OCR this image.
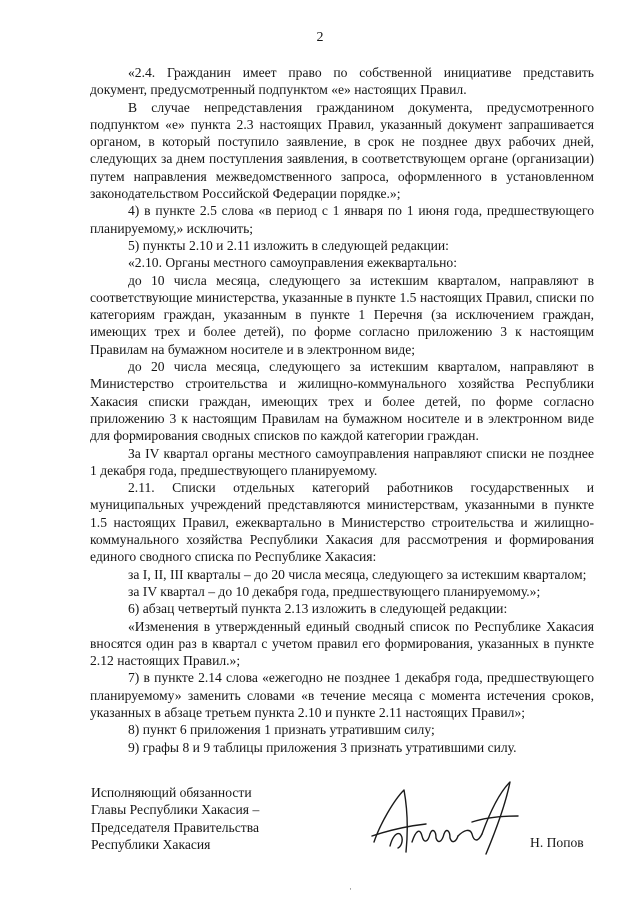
2

«2.4. Гражданин имеет право по собственной инициативе представить документ, предусмотренный подпунктом «е» настоящих Правил.

В случае непредставления гражданином документа, предусмотренного подпунктом «е» пункта 2.3 настоящих Правил, указанный документ запрашивается органом, в который поступило заявление, в срок не позднее двух рабочих дней, следующих за днем поступления заявления, в соответствующем органе (организации) путем направления межведомственного запроса, оформленного в установленном законодательством Российской Федерации порядке.»;

4) в пункте 2.5 слова «в период с 1 января по 1 июня года, предшествующего планируемому,» исключить;

5) пункты 2.10 и 2.11 изложить в следующей редакции:

«2.10. Органы местного самоуправления ежеквартально:

до 10 числа месяца, следующего за истекшим кварталом, направляют в соответствующие министерства, указанные в пункте 1.5 настоящих Правил, списки по категориям граждан, указанным в пункте 1 Перечня (за исключением граждан, имеющих трех и более детей), по форме согласно приложению 3 к настоящим Правилам на бумажном носителе и в электронном виде;

до 20 числа месяца, следующего за истекшим кварталом, направляют в Министерство строительства и жилищно-коммунального хозяйства Республики Хакасия списки граждан, имеющих трех и более детей, по форме согласно приложению 3 к настоящим Правилам на бумажном носителе и в электронном виде для формирования сводных списков по каждой категории граждан.

За IV квартал органы местного самоуправления направляют списки не позднее 1 декабря года, предшествующего планируемому.

2.11. Списки отдельных категорий работников государственных и муниципальных учреждений представляются министерствам, указанными в пункте 1.5 настоящих Правил, ежеквартально в Министерство строительства и жилищно-коммунального хозяйства Республики Хакасия для рассмотрения и формирования единого сводного списка по Республике Хакасия:

за I, II, III кварталы – до 20 числа месяца, следующего за истекшим кварталом;

за IV квартал – до 10 декабря года, предшествующего планируемому.»;

6) абзац четвертый пункта 2.13 изложить в следующей редакции:

«Изменения в утвержденный единый сводный список по Республике Хакасия вносятся один раз в квартал с учетом правил его формирования, указанных в пункте 2.12 настоящих Правил.»;

7) в пункте 2.14 слова «ежегодно не позднее 1 декабря года, предшествующего планируемому» заменить словами «в течение месяца с момента истечения сроков, указанных в абзаце третьем пункта 2.10 и пункте 2.11 настоящих Правил»;

8) пункт 6 приложения 1 признать утратившим силу;

9) графы 8 и 9 таблицы приложения 3 признать утратившими силу.

Исполняющий обязанности
Главы Республики Хакасия –
Председателя Правительства
Республики Хакасия	Н. Попов
·
